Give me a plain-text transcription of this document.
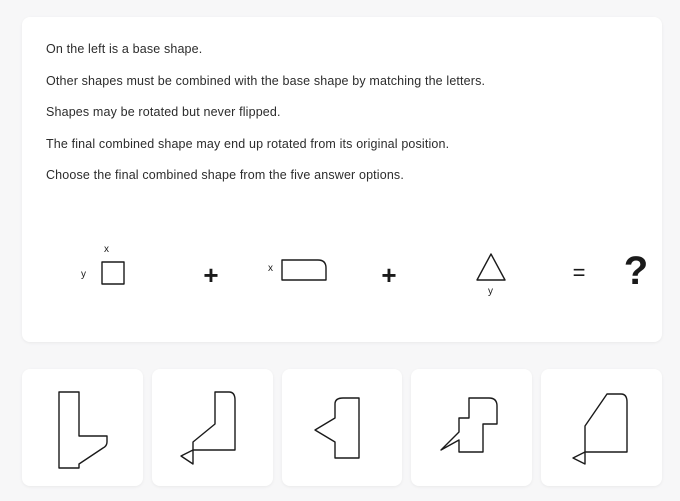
On the left is a base shape.

Other shapes must be combined with the base shape by matching the letters.

Shapes may be rotated but never flipped.

The final combined shape may end up rotated from its original position.

Choose the final combined shape from the five answer options.

x
y	+	x	+
y
= ?
